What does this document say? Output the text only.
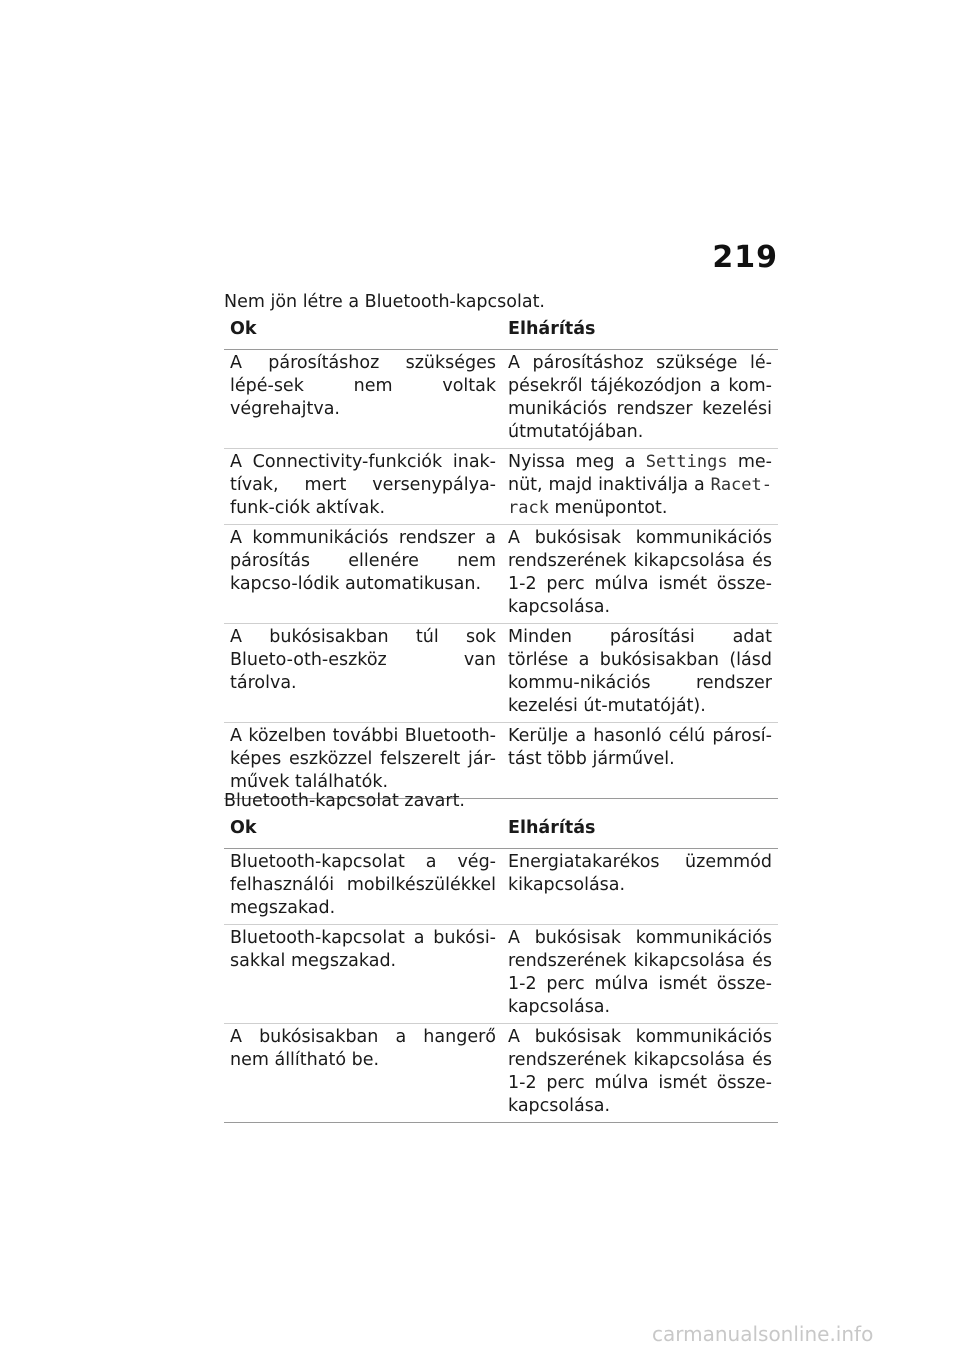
219
Nem jön létre a Bluetooth-kapcsolat.
Ok	Elhárítás
A párosításhoz szükséges lépé-sek nem voltak végrehajtva.	A párosításhoz szüksége lé-pésekről tájékozódjon a kom-munikációs rendszer kezelési útmutatójában.
A Connectivity-funkciók inak-tívak, mert versenypálya-funk-ciók aktívak.	Nyissa meg a Settings me-nüt, majd inaktiválja a Racet-rack menüpontot.
A kommunikációs rendszer a párosítás ellenére nem kapcso-lódik automatikusan.	A bukósisak kommunikációs rendszerének kikapcsolása és 1-2 perc múlva ismét össze-kapcsolása.
A bukósisakban túl sok Blueto-oth-eszköz van tárolva.	Minden párosítási adat törlése a bukósisakban (lásd kommu-nikációs rendszer kezelési út-mutatóját).
A közelben további Bluetooth-képes eszközzel felszerelt jár-művek találhatók.	Kerülje a hasonló célú párosí-tást több járművel.
Bluetooth-kapcsolat zavart.
Ok	Elhárítás
Bluetooth-kapcsolat a vég-felhasználói mobilkészülékkel megszakad.	Energiatakarékos üzemmód kikapcsolása.
Bluetooth-kapcsolat a bukósi-sakkal megszakad.	A bukósisak kommunikációs rendszerének kikapcsolása és 1-2 perc múlva ismét össze-kapcsolása.
A bukósisakban a hangerő nem állítható be.	A bukósisak kommunikációs rendszerének kikapcsolása és 1-2 perc múlva ismét össze-kapcsolása.
carmanualsonline.info
